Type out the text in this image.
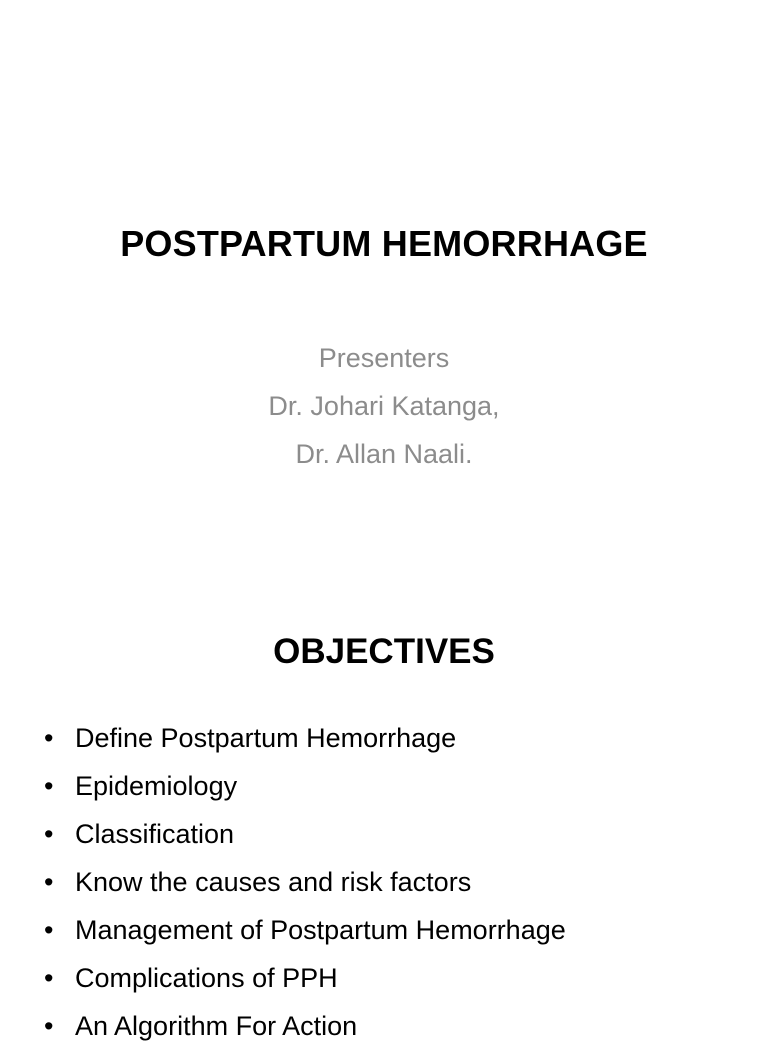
POSTPARTUM HEMORRHAGE
Presenters
Dr. Johari Katanga,
Dr. Allan Naali.
OBJECTIVES
• Define Postpartum Hemorrhage
• Epidemiology
• Classification
• Know the causes and risk factors
• Management of Postpartum Hemorrhage
• Complications of PPH
• An Algorithm For Action
